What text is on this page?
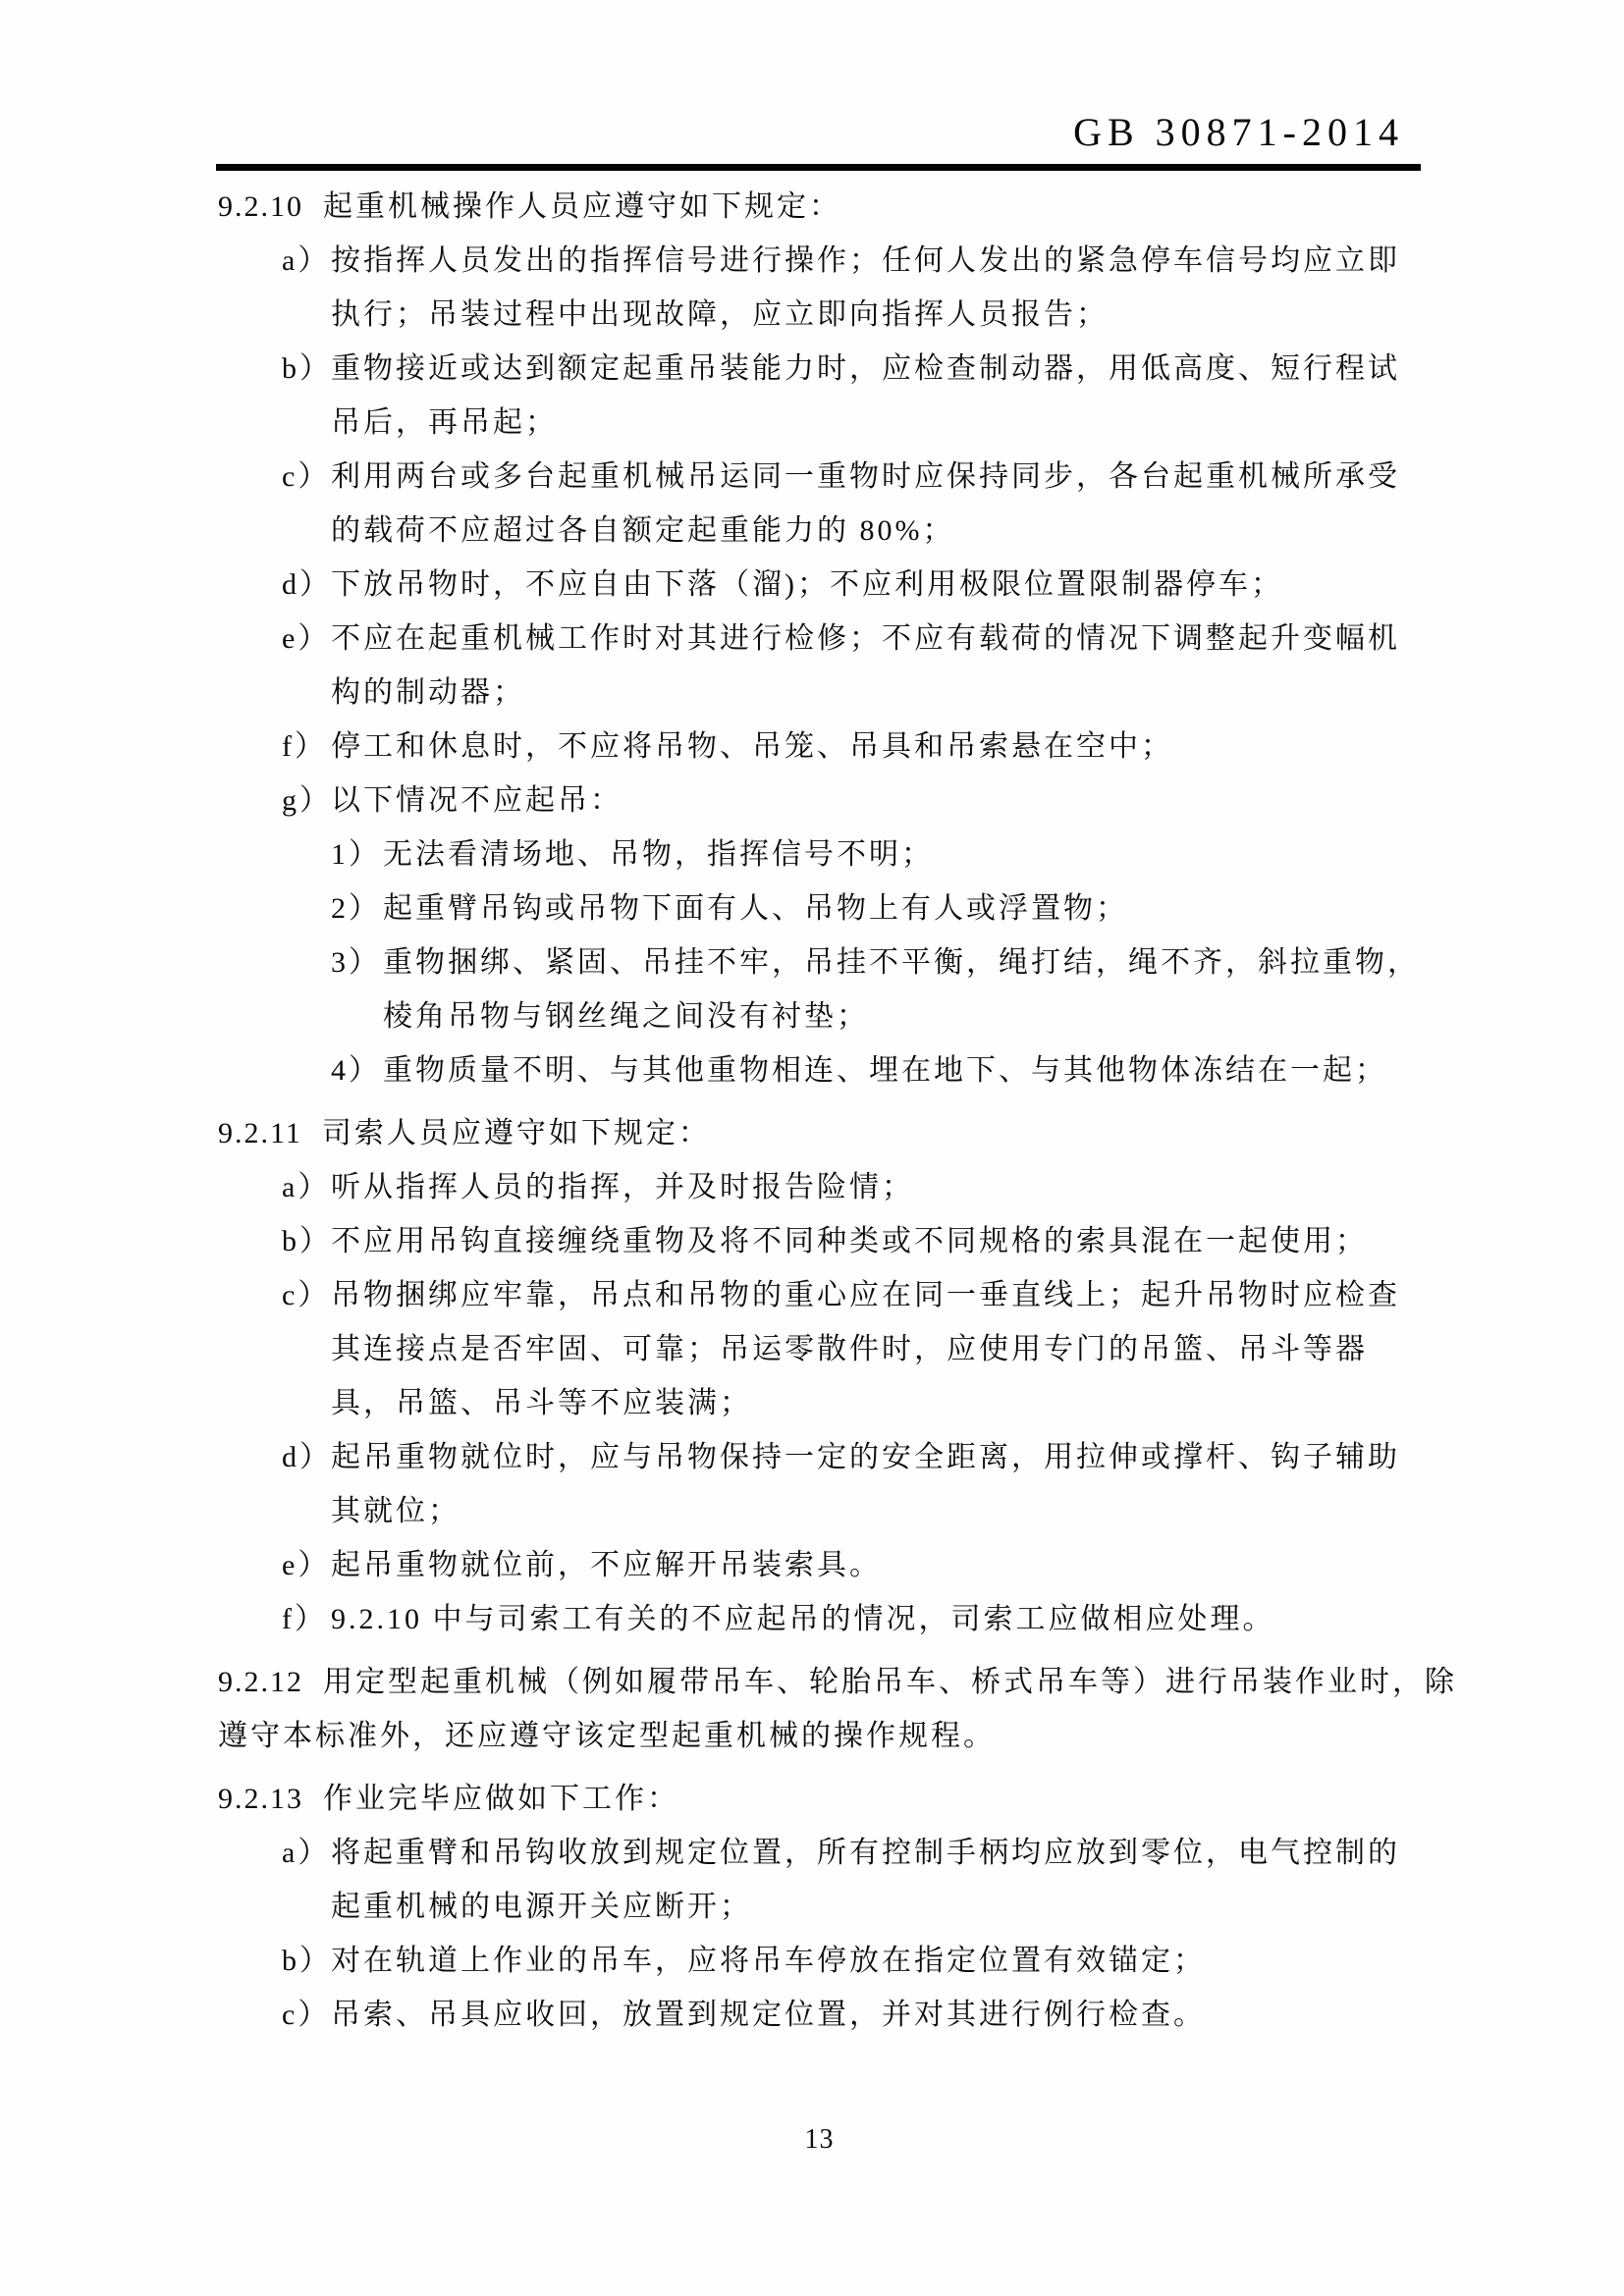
GB 30871-2014

9.2.10 起重机械操作人员应遵守如下规定：

a） 按指挥人员发出的指挥信号进行操作；任何人发出的紧急停车信号均应立即执行；吊装过程中出现故障，应立即向指挥人员报告；
b） 重物接近或达到额定起重吊装能力时，应检查制动器，用低高度、短行程试吊后，再吊起；
c） 利用两台或多台起重机械吊运同一重物时应保持同步，各台起重机械所承受的载荷不应超过各自额定起重能力的 80%；
d） 下放吊物时，不应自由下落（溜)；不应利用极限位置限制器停车；
e） 不应在起重机械工作时对其进行检修；不应有载荷的情况下调整起升变幅机构的制动器；
f） 停工和休息时，不应将吊物、吊笼、吊具和吊索悬在空中；
g） 以下情况不应起吊：
1） 无法看清场地、吊物，指挥信号不明；
2） 起重臂吊钩或吊物下面有人、吊物上有人或浮置物；
3） 重物捆绑、紧固、吊挂不牢，吊挂不平衡，绳打结，绳不齐，斜拉重物，棱角吊物与钢丝绳之间没有衬垫；
4） 重物质量不明、与其他重物相连、埋在地下、与其他物体冻结在一起；

9.2.11 司索人员应遵守如下规定：

a） 听从指挥人员的指挥，并及时报告险情；
b） 不应用吊钩直接缠绕重物及将不同种类或不同规格的索具混在一起使用；
c） 吊物捆绑应牢靠，吊点和吊物的重心应在同一垂直线上；起升吊物时应检查其连接点是否牢固、可靠；吊运零散件时，应使用专门的吊篮、吊斗等器具，吊篮、吊斗等不应装满；
d） 起吊重物就位时，应与吊物保持一定的安全距离，用拉伸或撑杆、钩子辅助其就位；
e） 起吊重物就位前，不应解开吊装索具。
f） 9.2.10 中与司索工有关的不应起吊的情况，司索工应做相应处理。

9.2.12 用定型起重机械（例如履带吊车、轮胎吊车、桥式吊车等）进行吊装作业时，除遵守本标准外，还应遵守该定型起重机械的操作规程。

9.2.13 作业完毕应做如下工作：

a） 将起重臂和吊钩收放到规定位置，所有控制手柄均应放到零位，电气控制的起重机械的电源开关应断开；
b） 对在轨道上作业的吊车，应将吊车停放在指定位置有效锚定；
c） 吊索、吊具应收回，放置到规定位置，并对其进行例行检查。
13
